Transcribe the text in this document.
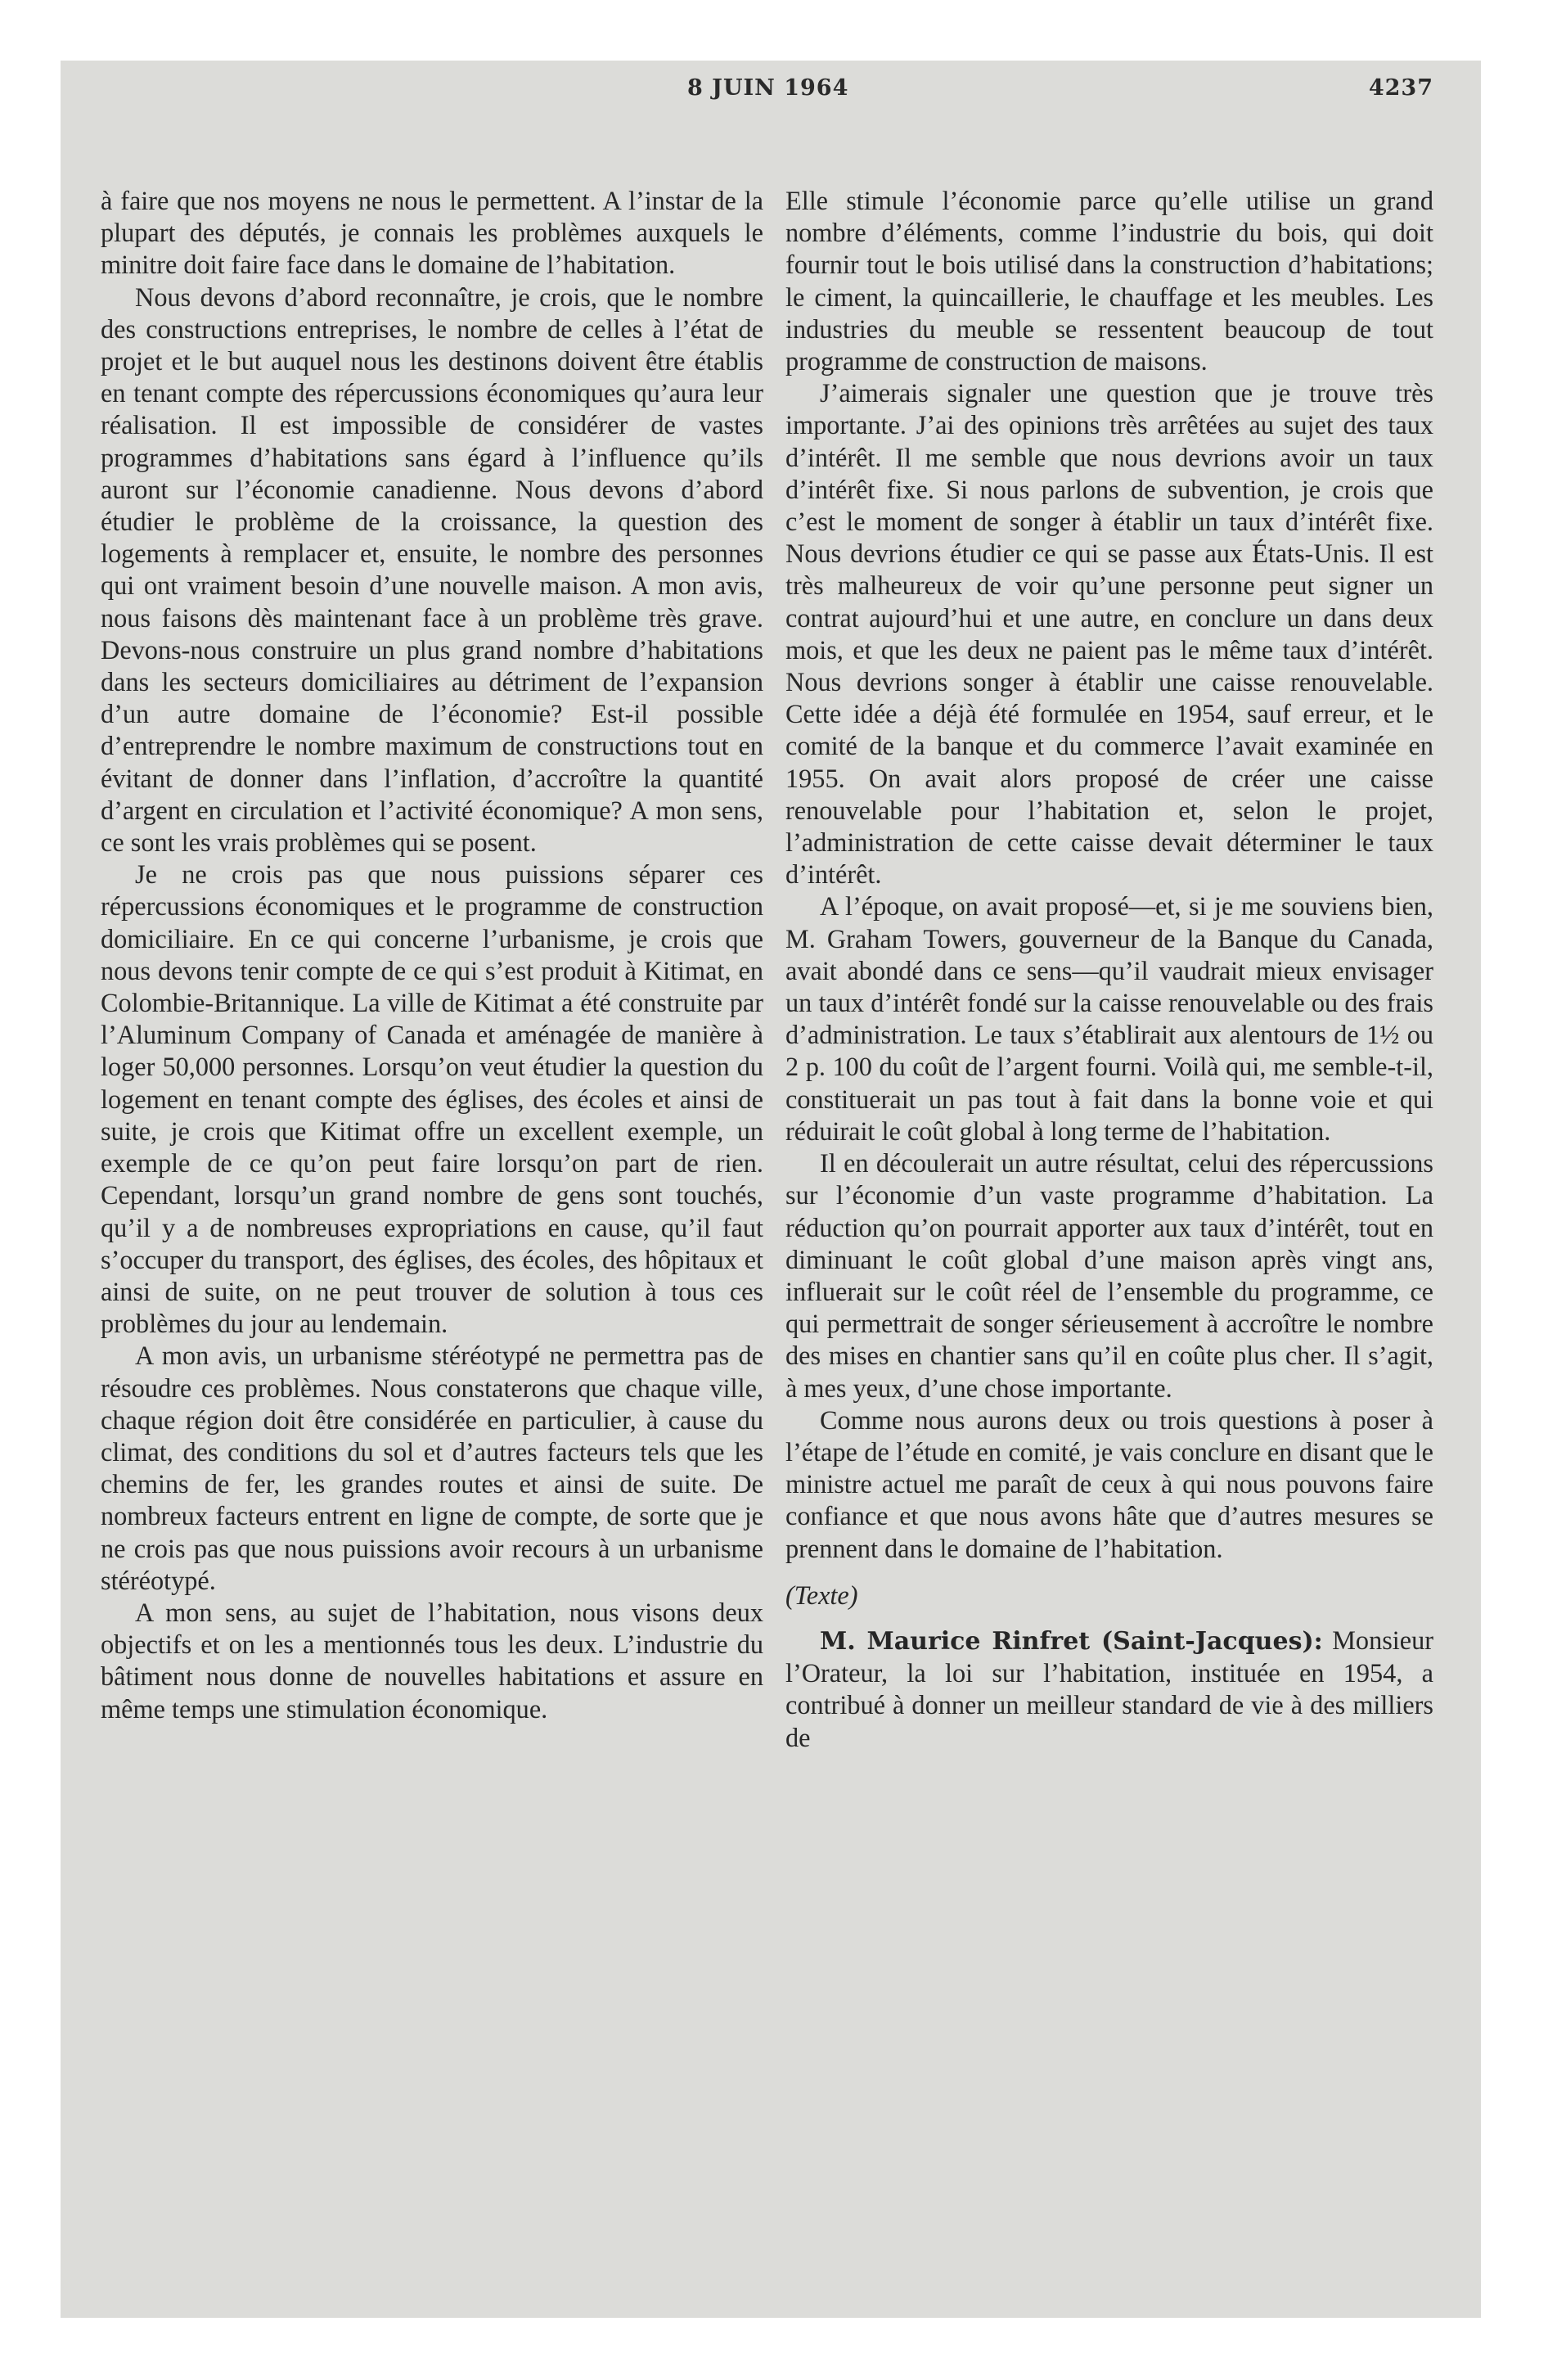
8 JUIN 1964	4237

à faire que nos moyens ne nous le permettent. A l’instar de la plupart des députés, je connais les problèmes auxquels le minitre doit faire face dans le domaine de l’habitation.

Nous devons d’abord reconnaître, je crois, que le nombre des constructions entreprises, le nombre de celles à l’état de projet et le but auquel nous les destinons doivent être établis en tenant compte des répercussions économiques qu’aura leur réalisation. Il est impossible de considérer de vastes programmes d’habitations sans égard à l’influence qu’ils auront sur l’économie canadienne. Nous devons d’abord étudier le problème de la croissance, la question des logements à remplacer et, ensuite, le nombre des personnes qui ont vraiment besoin d’une nouvelle maison. A mon avis, nous faisons dès maintenant face à un problème très grave. Devons-nous construire un plus grand nombre d’habitations dans les secteurs domiciliaires au détriment de l’expansion d’un autre domaine de l’économie? Est-il possible d’entreprendre le nombre maximum de constructions tout en évitant de donner dans l’inflation, d’accroître la quantité d’argent en circulation et l’activité économique? A mon sens, ce sont les vrais problèmes qui se posent.

Je ne crois pas que nous puissions séparer ces répercussions économiques et le programme de construction domiciliaire. En ce qui concerne l’urbanisme, je crois que nous devons tenir compte de ce qui s’est produit à Kitimat, en Colombie-Britannique. La ville de Kitimat a été construite par l’Aluminum Company of Canada et aménagée de manière à loger 50,000 personnes. Lorsqu’on veut étudier la question du logement en tenant compte des églises, des écoles et ainsi de suite, je crois que Kitimat offre un excellent exemple, un exemple de ce qu’on peut faire lorsqu’on part de rien. Cependant, lorsqu’un grand nombre de gens sont touchés, qu’il y a de nombreuses expropriations en cause, qu’il faut s’occuper du transport, des églises, des écoles, des hôpitaux et ainsi de suite, on ne peut trouver de solution à tous ces problèmes du jour au lendemain.

A mon avis, un urbanisme stéréotypé ne permettra pas de résoudre ces problèmes. Nous constaterons que chaque ville, chaque région doit être considérée en particulier, à cause du climat, des conditions du sol et d’autres facteurs tels que les chemins de fer, les grandes routes et ainsi de suite. De nombreux facteurs entrent en ligne de compte, de sorte que je ne crois pas que nous puissions avoir recours à un urbanisme stéréotypé.

A mon sens, au sujet de l’habitation, nous visons deux objectifs et on les a mentionnés tous les deux. L’industrie du bâtiment nous donne de nouvelles habitations et assure en même temps une stimulation économique.

Elle stimule l’économie parce qu’elle utilise un grand nombre d’éléments, comme l’industrie du bois, qui doit fournir tout le bois utilisé dans la construction d’habitations; le ciment, la quincaillerie, le chauffage et les meubles. Les industries du meuble se ressentent beaucoup de tout programme de construction de maisons.

J’aimerais signaler une question que je trouve très importante. J’ai des opinions très arrêtées au sujet des taux d’intérêt. Il me semble que nous devrions avoir un taux d’intérêt fixe. Si nous parlons de subvention, je crois que c’est le moment de songer à établir un taux d’intérêt fixe. Nous devrions étudier ce qui se passe aux États-Unis. Il est très malheureux de voir qu’une personne peut signer un contrat aujourd’hui et une autre, en conclure un dans deux mois, et que les deux ne paient pas le même taux d’intérêt. Nous devrions songer à établir une caisse renouvelable. Cette idée a déjà été formulée en 1954, sauf erreur, et le comité de la banque et du commerce l’avait examinée en 1955. On avait alors proposé de créer une caisse renouvelable pour l’habitation et, selon le projet, l’administration de cette caisse devait déterminer le taux d’intérêt.

A l’époque, on avait proposé—et, si je me souviens bien, M. Graham Towers, gouverneur de la Banque du Canada, avait abondé dans ce sens—qu’il vaudrait mieux envisager un taux d’intérêt fondé sur la caisse renouvelable ou des frais d’administration. Le taux s’établirait aux alentours de 1½ ou 2 p. 100 du coût de l’argent fourni. Voilà qui, me semble-t-il, constituerait un pas tout à fait dans la bonne voie et qui réduirait le coût global à long terme de l’habitation.

Il en découlerait un autre résultat, celui des répercussions sur l’économie d’un vaste programme d’habitation. La réduction qu’on pourrait apporter aux taux d’intérêt, tout en diminuant le coût global d’une maison après vingt ans, influerait sur le coût réel de l’ensemble du programme, ce qui permettrait de songer sérieusement à accroître le nombre des mises en chantier sans qu’il en coûte plus cher. Il s’agit, à mes yeux, d’une chose importante.

Comme nous aurons deux ou trois questions à poser à l’étape de l’étude en comité, je vais conclure en disant que le ministre actuel me paraît de ceux à qui nous pouvons faire confiance et que nous avons hâte que d’autres mesures se prennent dans le domaine de l’habitation.

(Texte)

M. Maurice Rinfret (Saint-Jacques): Monsieur l’Orateur, la loi sur l’habitation, instituée en 1954, a contribué à donner un meilleur standard de vie à des milliers de
